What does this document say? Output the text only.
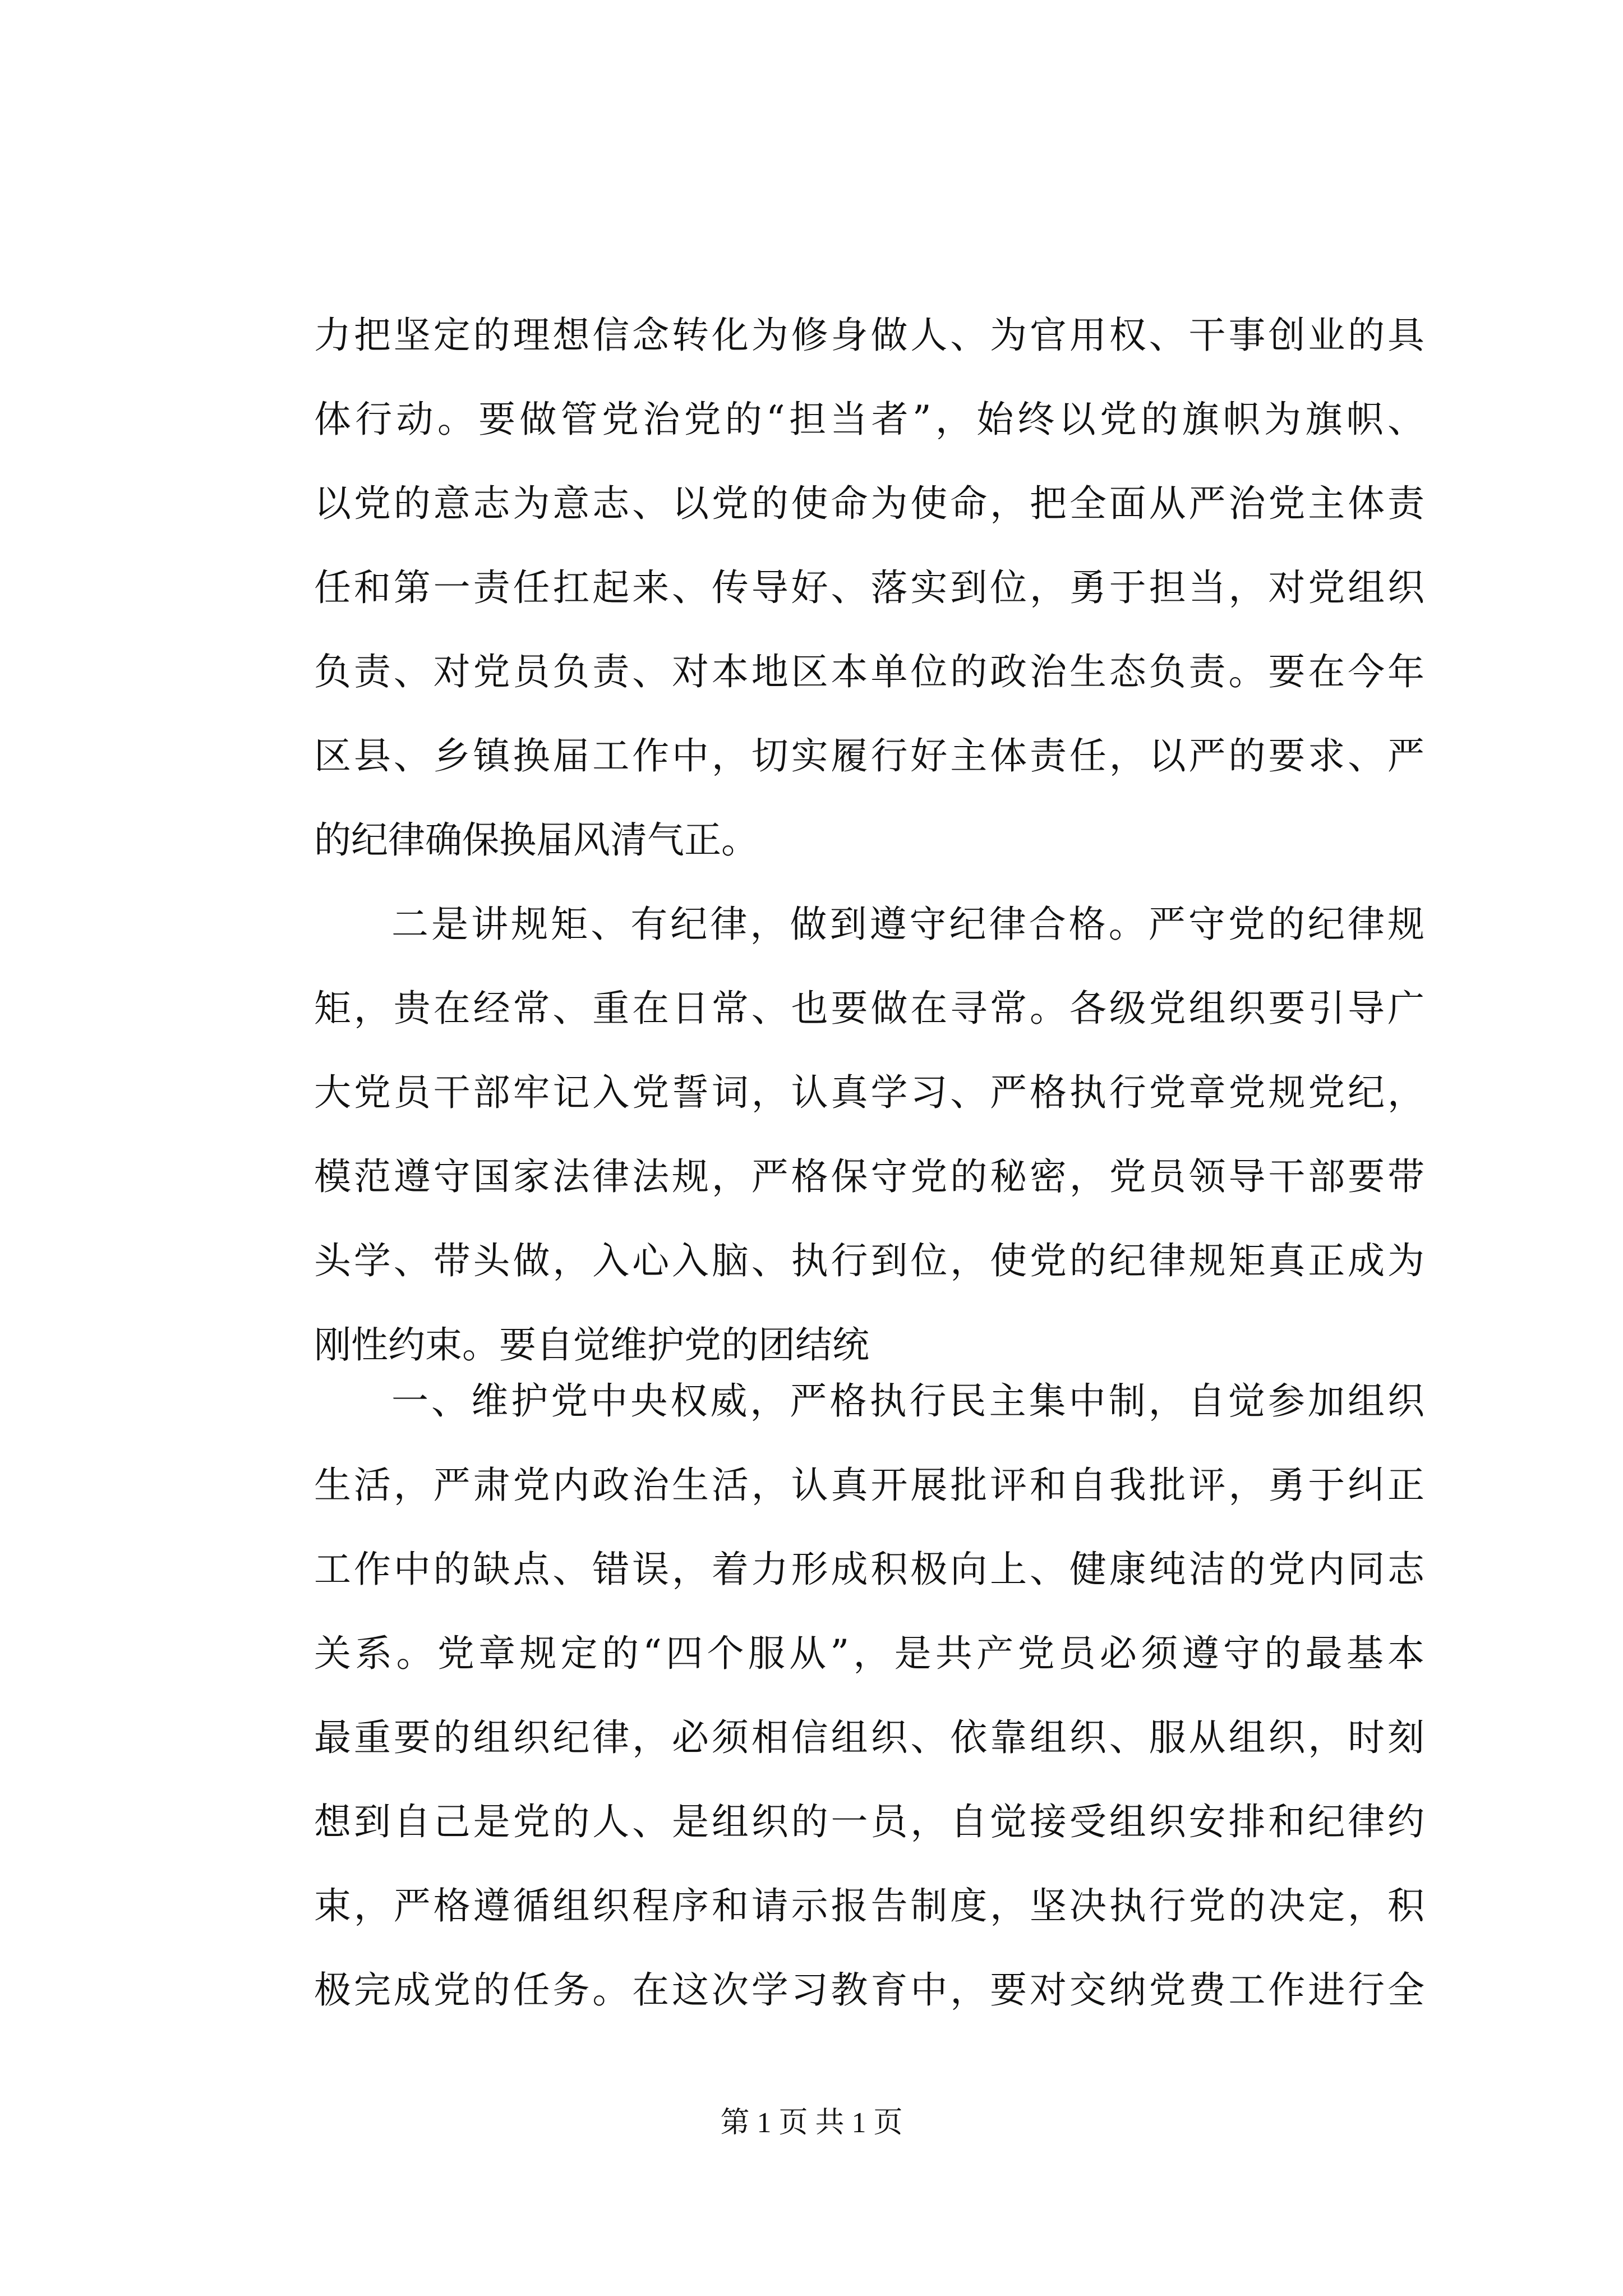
力把坚定的理想信念转化为修身做人、为官用权、干事创业的具
体行动。要做管党治党的“担当者”，始终以党的旗帜为旗帜、
以党的意志为意志、以党的使命为使命，把全面从严治党主体责
任和第一责任扛起来、传导好、落实到位，勇于担当，对党组织
负责、对党员负责、对本地区本单位的政治生态负责。要在今年
区县、乡镇换届工作中，切实履行好主体责任，以严的要求、严
的纪律确保换届风清气正。
二是讲规矩、有纪律，做到遵守纪律合格。严守党的纪律规
矩，贵在经常、重在日常、也要做在寻常。各级党组织要引导广
大党员干部牢记入党誓词，认真学习、严格执行党章党规党纪，
模范遵守国家法律法规，严格保守党的秘密，党员领导干部要带
头学、带头做，入心入脑、执行到位，使党的纪律规矩真正成为
刚性约束。要自觉维护党的团结统
一、维护党中央权威，严格执行民主集中制，自觉参加组织
生活，严肃党内政治生活，认真开展批评和自我批评，勇于纠正
工作中的缺点、错误，着力形成积极向上、健康纯洁的党内同志
关系。党章规定的“四个服从”，是共产党员必须遵守的最基本
最重要的组织纪律，必须相信组织、依靠组织、服从组织，时刻
想到自己是党的人、是组织的一员，自觉接受组织安排和纪律约
束，严格遵循组织程序和请示报告制度，坚决执行党的决定，积
极完成党的任务。在这次学习教育中，要对交纳党费工作进行全
第 1 页 共 1 页
